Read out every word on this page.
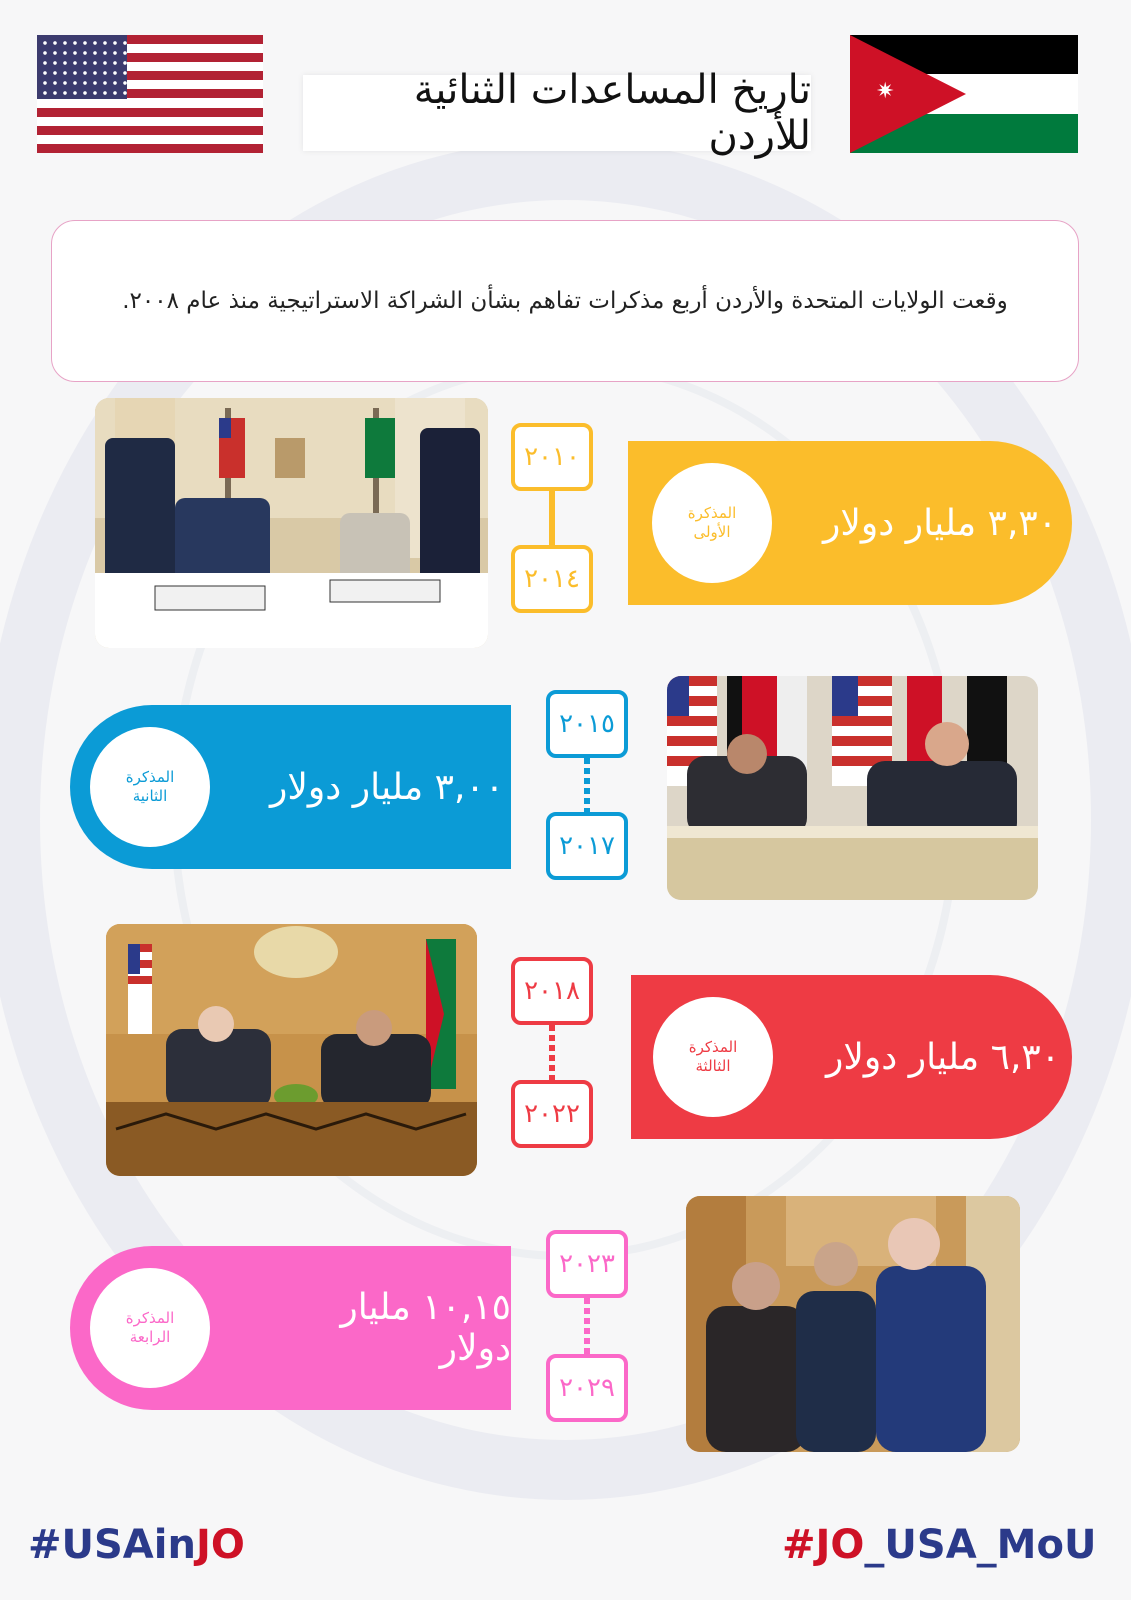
✷
تاريخ المساعدات الثنائية للأردن
وقعت الولايات المتحدة والأردن أربع مذكرات تفاهم بشأن الشراكة الاستراتيجية منذ عام ٢٠٠٨.
٢٠١٠
٢٠١٤
المذكرة
الأولى	٣,٣٠ مليار دولار
المذكرة
الثانية	٣,٠٠ مليار دولار
٢٠١٥
٢٠١٧
٢٠١٨
٢٠٢٢
المذكرة
الثالثة	٦,٣٠ مليار دولار
المذكرة
الرابعة
١٠,١٥ مليار دولار
٢٠٢٣
٢٠٢٩
#USAinJO	#JO_USA_MoU
